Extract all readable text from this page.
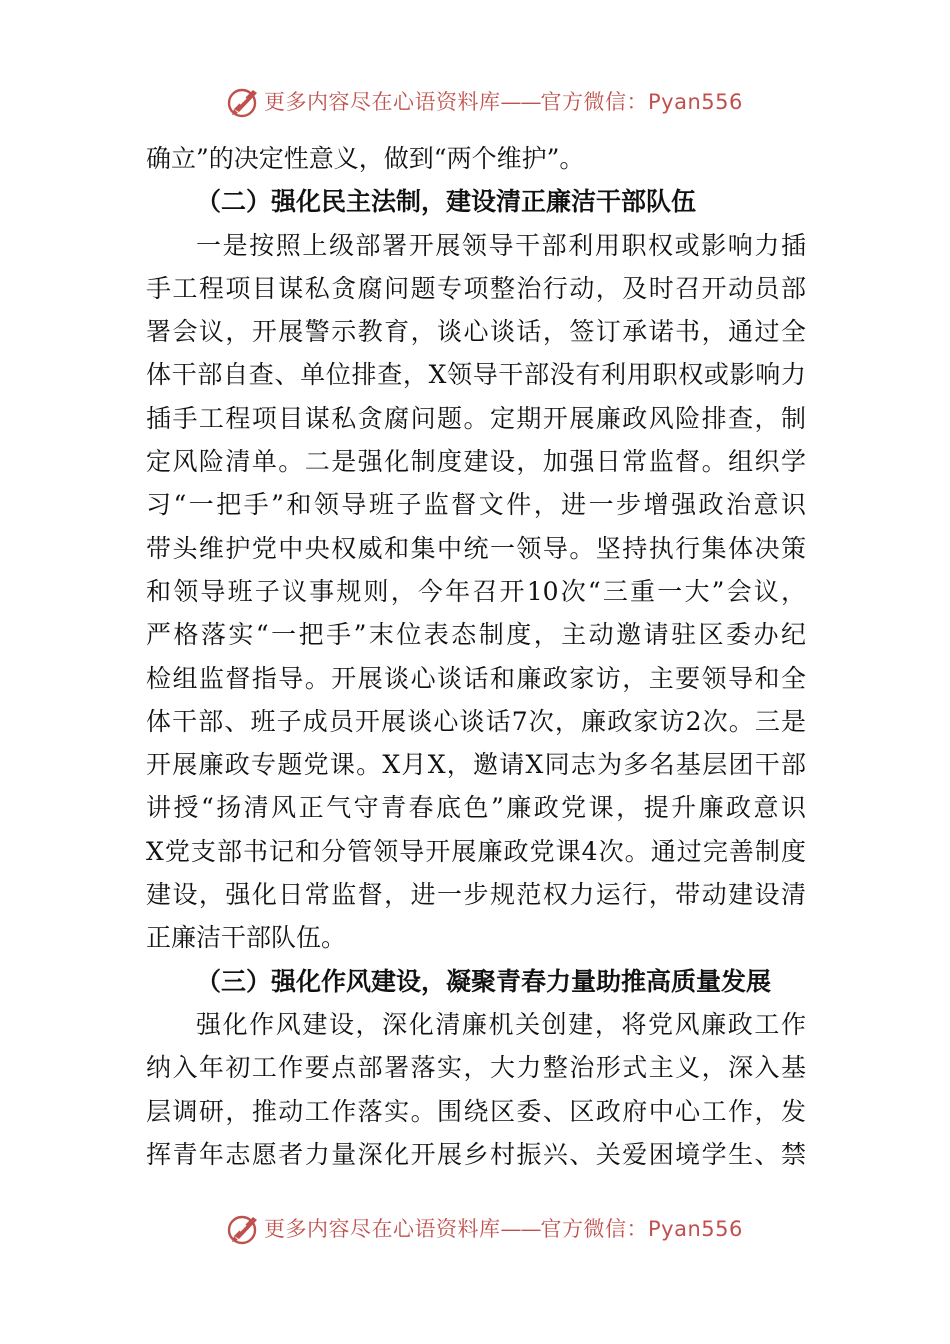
更多内容尽在心语资料库——官方微信：Pyan556
确立”的决定性意义，做到“两个维护”。
（二）强化民主法制，建设清正廉洁干部队伍
一是按照上级部署开展领导干部利用职权或影响力插
手工程项目谋私贪腐问题专项整治行动，及时召开动员部
署会议，开展警示教育，谈心谈话，签订承诺书，通过全
体干部自查、单位排查，X领导干部没有利用职权或影响力
插手工程项目谋私贪腐问题。定期开展廉政风险排查，制
定风险清单。二是强化制度建设，加强日常监督。组织学
习“一把手”和领导班子监督文件，进一步增强政治意识
带头维护党中央权威和集中统一领导。坚持执行集体决策
和领导班子议事规则，今年召开10次“三重一大”会议，
严格落实“一把手”末位表态制度，主动邀请驻区委办纪
检组监督指导。开展谈心谈话和廉政家访，主要领导和全
体干部、班子成员开展谈心谈话7次，廉政家访2次。三是
开展廉政专题党课。X月X，邀请X同志为多名基层团干部
讲授“扬清风正气守青春底色”廉政党课，提升廉政意识
X党支部书记和分管领导开展廉政党课4次。通过完善制度
建设，强化日常监督，进一步规范权力运行，带动建设清
正廉洁干部队伍。
（三）强化作风建设，凝聚青春力量助推高质量发展
强化作风建设，深化清廉机关创建，将党风廉政工作
纳入年初工作要点部署落实，大力整治形式主义，深入基
层调研，推动工作落实。围绕区委、区政府中心工作，发
挥青年志愿者力量深化开展乡村振兴、关爱困境学生、禁
更多内容尽在心语资料库——官方微信：Pyan556
